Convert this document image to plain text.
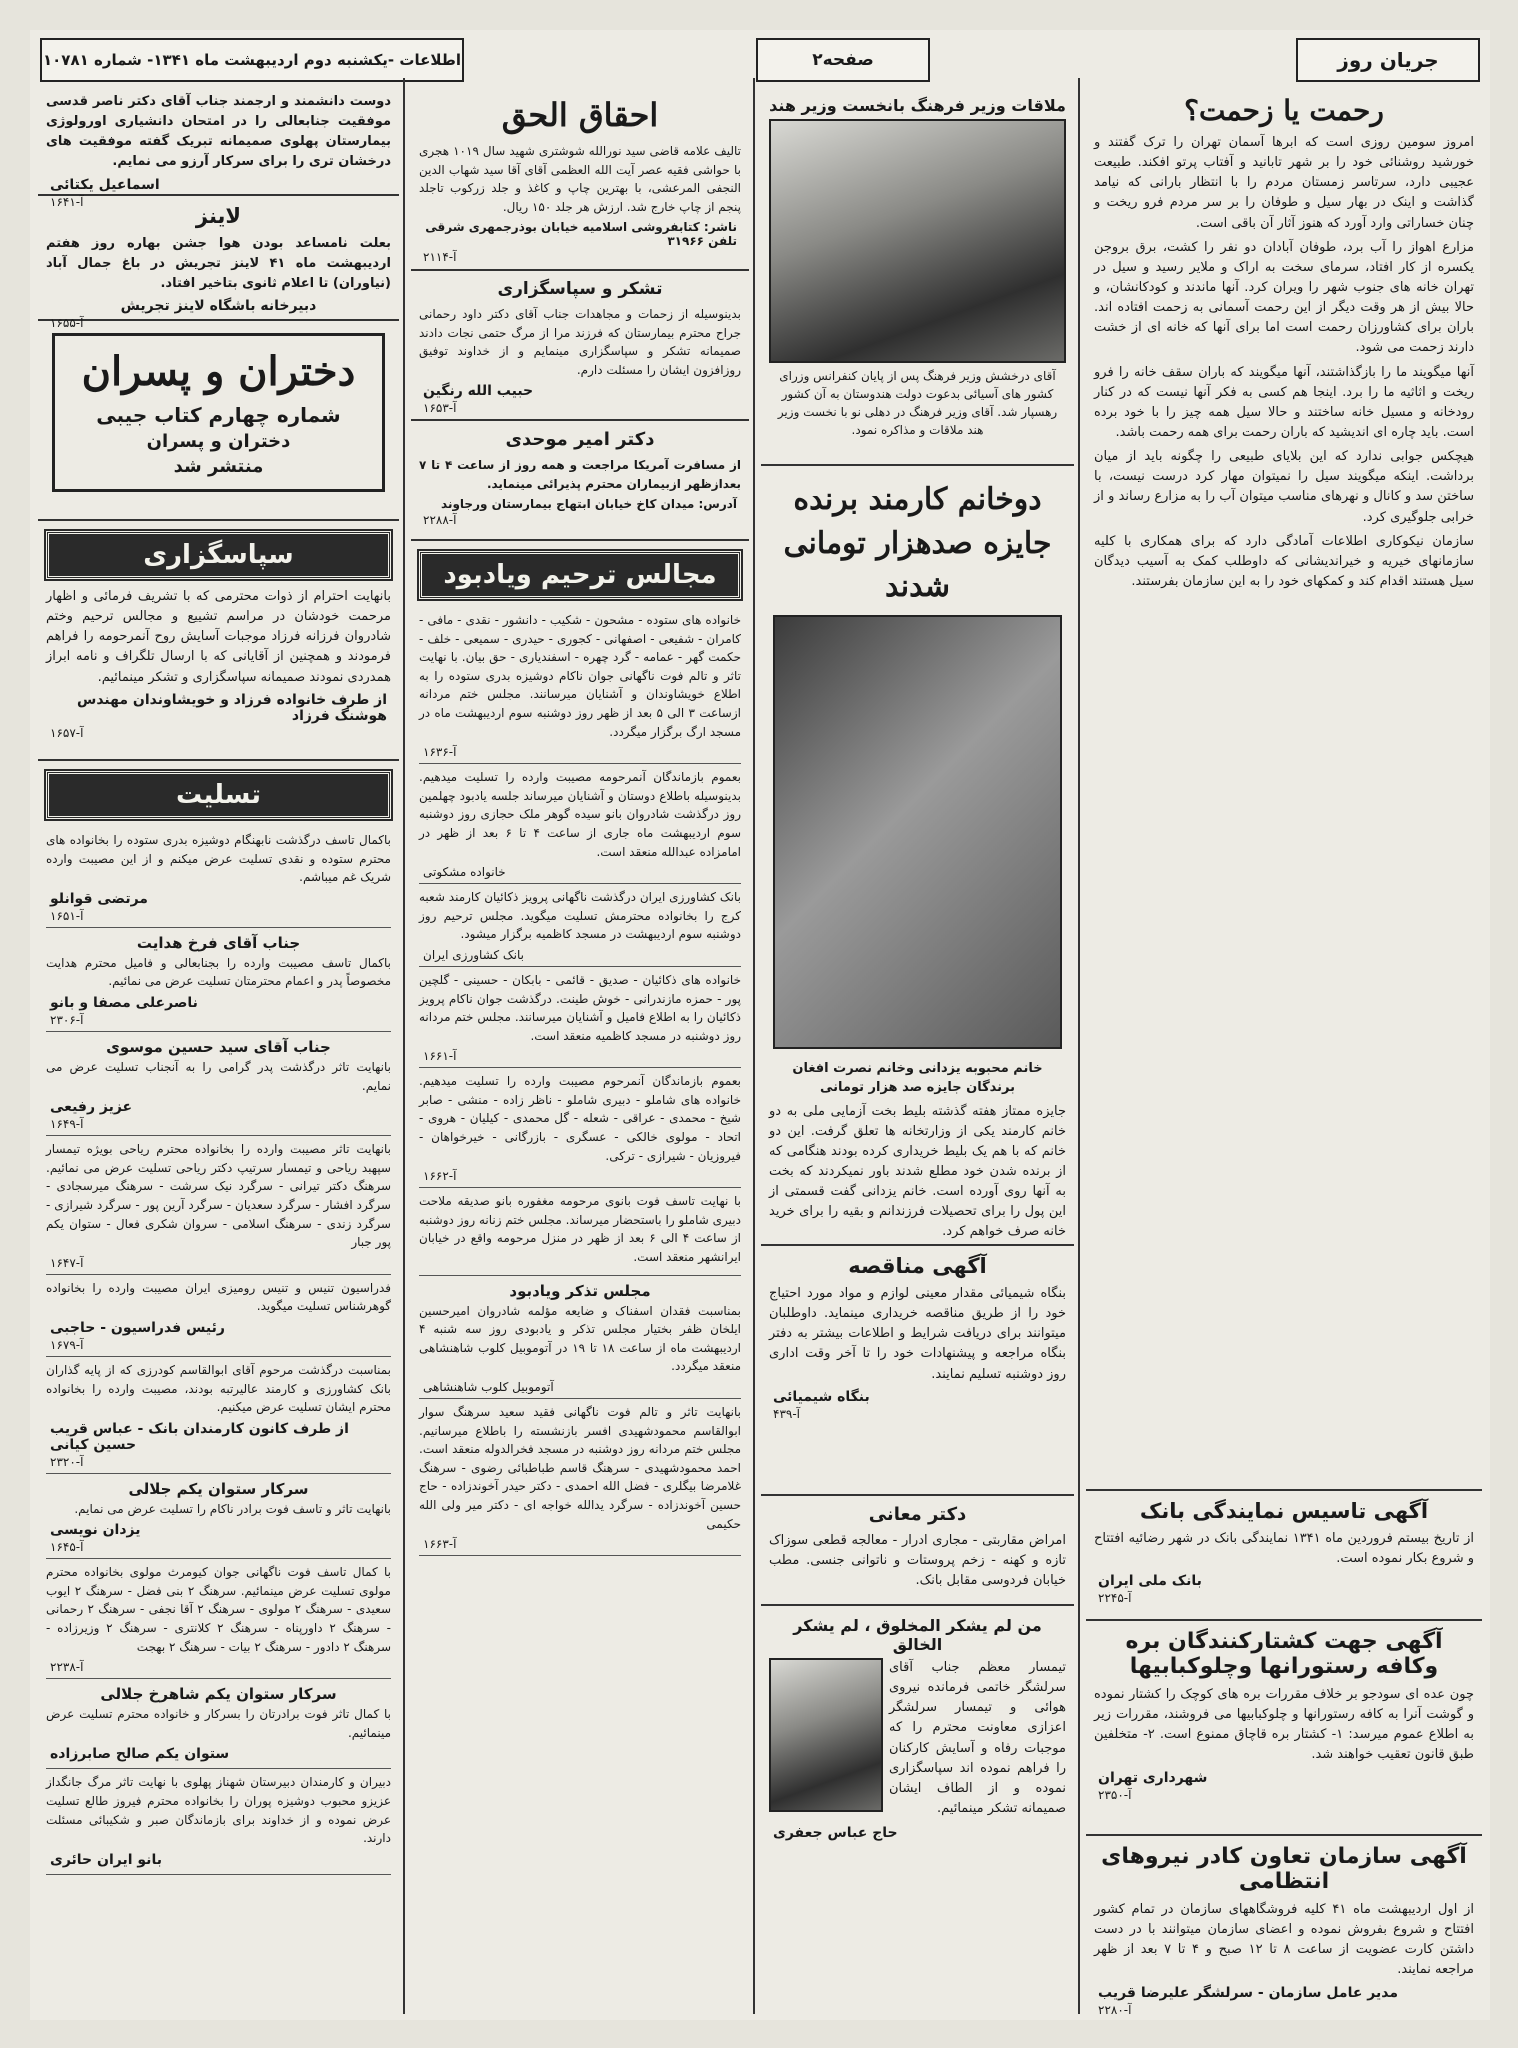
جریان روز
صفحه۲
اطلاعات -یکشنبه دوم اردیبهشت ماه ۱۳۴۱- شماره ۱۰۷۸۱
رحمت یا زحمت؟

امروز سومین روزی است که ابرها آسمان تهران را ترک گفتند و خورشید روشنائی خود را بر شهر تابانید و آفتاب پرتو افکند. طبیعت عجیبی دارد، سرتاسر زمستان مردم را با انتظار بارانی که نیامد گذاشت و اینک در بهار سیل و طوفان را بر سر مردم فرو ریخت و چنان خساراتی وارد آورد که هنوز آثار آن باقی است.

مزارع اهواز را آب برد، طوفان آبادان دو نفر را کشت، برق بروجن یکسره از کار افتاد، سرمای سخت به اراک و ملایر رسید و سیل در تهران خانه های جنوب شهر را ویران کرد. آنها ماندند و کودکانشان، و حالا بیش از هر وقت دیگر از این رحمت آسمانی به زحمت افتاده اند. باران برای کشاورزان رحمت است اما برای آنها که خانه ای از خشت دارند زحمت می شود.

آنها میگویند ما را بازگذاشتند، آنها میگویند که باران سقف خانه را فرو ریخت و اثاثیه ما را برد. اینجا هم کسی به فکر آنها نیست که در کنار رودخانه و مسیل خانه ساختند و حالا سیل همه چیز را با خود برده است. باید چاره ای اندیشید که باران رحمت برای همه رحمت باشد.

هیچکس جوابی ندارد که این بلایای طبیعی را چگونه باید از میان برداشت. اینکه میگویند سیل را نمیتوان مهار کرد درست نیست، با ساختن سد و کانال و نهرهای مناسب میتوان آب را به مزارع رساند و از خرابی جلوگیری کرد.

سازمان نیکوکاری اطلاعات آمادگی دارد که برای همکاری با کلیه سازمانهای خیریه و خیراندیشانی که داوطلب کمک به آسیب دیدگان سیل هستند اقدام کند و کمکهای خود را به این سازمان بفرستند.

آگهی تاسیس نمایندگی بانک

از تاریخ بیستم فروردین ماه ۱۳۴۱ نمایندگی بانک در شهر رضائیه افتتاح و شروع بکار نموده است.

بانک ملی ایران
آ-۲۲۴۵
آگهی جهت کشتارکنندگان بره وکافه رستورانها وچلوکبابیها

چون عده ای سودجو بر خلاف مقررات بره های کوچک را کشتار نموده و گوشت آنرا به کافه رستورانها و چلوکبابیها می فروشند، مقررات زیر به اطلاع عموم میرسد: ۱- کشتار بره قاچاق ممنوع است. ۲- متخلفین طبق قانون تعقیب خواهند شد.

شهرداری تهران
آ-۲۳۵۰
آگهی سازمان تعاون کادر نیروهای انتظامی

از اول اردیبهشت ماه ۴۱ کلیه فروشگاههای سازمان در تمام کشور افتتاح و شروع بفروش نموده و اعضای سازمان میتوانند با در دست داشتن کارت عضویت از ساعت ۸ تا ۱۲ صبح و ۴ تا ۷ بعد از ظهر مراجعه نمایند.

مدیر عامل سازمان - سرلشگر علیرضا قریب
آ-۲۲۸۰
ملاقات وزیر فرهنگ بانخست وزیر هند
آقای درخشش وزیر فرهنگ پس از پایان کنفرانس وزرای کشور های آسیائی بدعوت دولت هندوستان به آن کشور رهسپار شد. آقای وزیر فرهنگ در دهلی نو با نخست وزیر هند ملاقات و مذاکره نمود.
دوخانم کارمند برنده جایزه صدهزار تومانی شدند
خانم محبوبه یزدانی وخانم نصرت افغان برندگان جایزه صد هزار تومانی

جایزه ممتاز هفته گذشته بلیط بخت آزمایی ملی به دو خانم کارمند یکی از وزارتخانه ها تعلق گرفت. این دو خانم که با هم یک بلیط خریداری کرده بودند هنگامی که از برنده شدن خود مطلع شدند باور نمیکردند که بخت به آنها روی آورده است. خانم یزدانی گفت قسمتی از این پول را برای تحصیلات فرزندانم و بقیه را برای خرید خانه صرف خواهم کرد.

آگهی مناقصه

بنگاه شیمیائی مقدار معینی لوازم و مواد مورد احتیاج خود را از طریق مناقصه خریداری مینماید. داوطلبان میتوانند برای دریافت شرایط و اطلاعات بیشتر به دفتر بنگاه مراجعه و پیشنهادات خود را تا آخر وقت اداری روز دوشنبه تسلیم نمایند.

بنگاه شیمیائی
آ-۴۳۹
دکتر معانی

امراض مقاربتی - مجاری ادرار - معالجه قطعی سوزاک تازه و کهنه - زخم پروستات و ناتوانی جنسی. مطب خیابان فردوسی مقابل بانک.

من لم یشکر المخلوق ، لم یشکر الخالق

تیمسار معظم جناب آقای سرلشگر خاتمی فرمانده نیروی هوائی و تیمسار سرلشگر اعزازی معاونت محترم را که موجبات رفاه و آسایش کارکنان را فراهم نموده اند سپاسگزاری نموده و از الطاف ایشان صمیمانه تشکر مینمائیم.

حاج عباس جعفری
احقاق الحق

تالیف علامه قاضی سید نورالله شوشتری شهید سال ۱۰۱۹ هجری با حواشی فقیه عصر آیت الله العظمی آقای آقا سید شهاب الدین النجفی المرعشی، با بهترین چاپ و کاغذ و جلد زرکوب تاجلد پنجم از چاپ خارج شد. ارزش هر جلد ۱۵۰ ریال.

ناشر: کتابفروشی اسلامیه خیابان بوذرجمهری شرقی تلفن ۳۱۹۶۶
آ-۲۱۱۴
تشکر و سپاسگزاری

بدینوسیله از زحمات و مجاهدات جناب آقای دکتر داود رحمانی جراح محترم بیمارستان که فرزند مرا از مرگ حتمی نجات دادند صمیمانه تشکر و سپاسگزاری مینمایم و از خداوند توفیق روزافزون ایشان را مسئلت دارم.

حبیب الله رنگین
آ-۱۶۵۳
دکتر امیر موحدی

از مسافرت آمریکا مراجعت و همه روز از ساعت ۴ تا ۷ بعدازظهر ازبیماران محترم پذیرائی مینماید.

آدرس: میدان کاخ خیابان ابتهاج بیمارستان ورجاوند
آ-۲۲۸۸
مجالس ترحیم ویادبود

خانواده های ستوده - مشحون - شکیب - دانشور - نقدی - مافی - کامران - شفیعی - اصفهانی - کجوری - حیدری - سمیعی - خلف - حکمت گهر - عمامه - گرد چهره - اسفندیاری - حق بیان. با نهایت تاثر و تالم فوت ناگهانی جوان ناکام دوشیزه بدری ستوده را به اطلاع خویشاوندان و آشنایان میرسانند. مجلس ختم مردانه ازساعت ۳ الی ۵ بعد از ظهر روز دوشنبه سوم اردیبهشت ماه در مسجد ارگ برگزار میگردد.

آ-۱۶۳۶

بعموم بازماندگان آنمرحومه مصیبت وارده را تسلیت میدهیم. بدینوسیله باطلاع دوستان و آشنایان میرساند جلسه یادبود چهلمین روز درگذشت شادروان بانو سیده گوهر ملک حجازی روز دوشنبه سوم اردیبهشت ماه جاری از ساعت ۴ تا ۶ بعد از ظهر در امامزاده عبدالله منعقد است.

خانواده مشکوتی

بانک کشاورزی ایران درگذشت ناگهانی پرویز ذکائیان کارمند شعبه کرج را بخانواده محترمش تسلیت میگوید. مجلس ترحیم روز دوشنبه سوم اردیبهشت در مسجد کاظمیه برگزار میشود.

بانک کشاورزی ایران

خانواده های ذکائیان - صدیق - قائمی - بابکان - حسینی - گلچین پور - حمزه مازندرانی - خوش طینت. درگذشت جوان ناکام پرویز ذکائیان را به اطلاع فامیل و آشنایان میرسانند. مجلس ختم مردانه روز دوشنبه در مسجد کاظمیه منعقد است.

آ-۱۶۶۱

بعموم بازماندگان آنمرحوم مصیبت وارده را تسلیت میدهیم. خانواده های شاملو - دبیری شاملو - ناظر زاده - منشی - صابر شیخ - محمدی - عراقی - شعله - گل محمدی - کیلیان - هروی - اتحاد - مولوی خالکی - عسگری - بازرگانی - خیرخواهان - فیروزیان - شیرازی - ترکی.

آ-۱۶۶۲

با نهایت تاسف فوت بانوی مرحومه مغفوره بانو صدیقه ملاحت دبیری شاملو را باستحضار میرساند. مجلس ختم زنانه روز دوشنبه از ساعت ۴ الی ۶ بعد از ظهر در منزل مرحومه واقع در خیابان ایرانشهر منعقد است.

مجلس تذکر ویادبود

بمناسبت فقدان اسفناک و ضایعه مؤلمه شادروان امیرحسین ایلخان ظفر بختیار مجلس تذکر و یادبودی روز سه شنبه ۴ اردیبهشت ماه از ساعت ۱۸ تا ۱۹ در آتوموبیل کلوب شاهنشاهی منعقد میگردد.

آتوموبیل کلوب شاهنشاهی

بانهایت تاثر و تالم فوت ناگهانی فقید سعید سرهنگ سوار ابوالقاسم محمودشهیدی افسر بازنشسته را باطلاع میرسانیم. مجلس ختم مردانه روز دوشنبه در مسجد فخرالدوله منعقد است. احمد محمودشهیدی - سرهنگ قاسم طباطبائی رضوی - سرهنگ غلامرضا بیگلری - فضل الله احمدی - دکتر حیدر آخوندزاده - حاج حسین آخوندزاده - سرگرد یدالله خواجه ای - دکتر میر ولی الله حکیمی

آ-۱۶۶۳

دوست دانشمند و ارجمند جناب آقای دکتر ناصر قدسی موفقیت جنابعالی را در امتحان دانشیاری اورولوژی بیمارستان پهلوی صمیمانه تبریک گفته موفقیت های درخشان تری را برای سرکار آرزو می نمایم.

اسماعیل یکتائی
آ-۱۶۴۱
لاینز

بعلت نامساعد بودن هوا جشن بهاره روز هفتم اردیبهشت ماه ۴۱ لاینز تجریش در باغ جمال آباد (نیاوران) تا اعلام ثانوی بتاخیر افتاد.

دبیرخانه باشگاه لاینز تجریش
آ-۱۶۵۵
دختران و پسران
شماره چهارم کتاب جیبی
دختران و پسران
منتشر شد
سپاسگزاری

بانهایت احترام از ذوات محترمی که با تشریف فرمائی و اظهار مرحمت خودشان در مراسم تشییع و مجالس ترحیم وختم شادروان فرزانه فرزاد موجبات آسایش روح آنمرحومه را فراهم فرمودند و همچنین از آقایانی که با ارسال تلگراف و نامه ابراز همدردی نمودند صمیمانه سپاسگزاری و تشکر مینمائیم.

از طرف خانواده فرزاد و خویشاوندان مهندس هوشنگ فرزاد
آ-۱۶۵۷
تسلیت

باکمال تاسف درگذشت نابهنگام دوشیزه بدری ستوده را بخانواده های محترم ستوده و نقدی تسلیت عرض میکنم و از این مصیبت وارده شریک غم میباشم.

مرتضی قوانلو
آ-۱۶۵۱
جناب آقای فرخ هدایت

باکمال تاسف مصیبت وارده را بجنابعالی و فامیل محترم هدایت مخصوصاً پدر و اعمام محترمتان تسلیت عرض می نمائیم.

ناصرعلی مصفا و بانو
آ-۲۳۰۶
جناب آقای سید حسین موسوی

بانهایت تاثر درگذشت پدر گرامی را به آنجناب تسلیت عرض می نمایم.

عزیز رفیعی
آ-۱۶۴۹

بانهایت تاثر مصیبت وارده را بخانواده محترم ریاحی بویژه تیمسار سپهبد ریاحی و تیمسار سرتیپ دکتر ریاحی تسلیت عرض می نمائیم. سرهنگ دکتر تیرانی - سرگرد نیک سرشت - سرهنگ میرسجادی - سرگرد افشار - سرگرد سعدیان - سرگرد آرین پور - سرگرد شیرازی - سرگرد زندی - سرهنگ اسلامی - سروان شکری فعال - ستوان یکم پور جبار

آ-۱۶۴۷

فدراسیون تنیس و تنیس رومیزی ایران مصیبت وارده را بخانواده گوهرشناس تسلیت میگوید.

رئیس فدراسیون - حاجبی
آ-۱۶۷۹

بمناسبت درگذشت مرحوم آقای ابوالقاسم کودرزی که از پایه گذاران بانک کشاورزی و کارمند عالیرتبه بودند، مصیبت وارده را بخانواده محترم ایشان تسلیت عرض میکنیم.

از طرف کانون کارمندان بانک - عباس قریب حسین کیانی
آ-۲۳۲۰
سرکار ستوان یکم جلالی

بانهایت تاثر و تاسف فوت برادر ناکام را تسلیت عرض می نمایم.

یزدان نویسی
آ-۱۶۴۵

با کمال تاسف فوت ناگهانی جوان کیومرث مولوی بخانواده محترم مولوی تسلیت عرض مینمائیم. سرهنگ ۲ بنی فضل - سرهنگ ۲ ایوب سعیدی - سرهنگ ۲ مولوی - سرهنگ ۲ آقا نجفی - سرهنگ ۲ رحمانی - سرهنگ ۲ داورپناه - سرهنگ ۲ کلانتری - سرهنگ ۲ وزیرزاده - سرهنگ ۲ دادور - سرهنگ ۲ بیات - سرهنگ ۲ بهجت

آ-۲۲۳۸
سرکار ستوان یکم شاهرخ جلالی

با کمال تاثر فوت برادرتان را بسرکار و خانواده محترم تسلیت عرض مینمائیم.

ستوان یکم صالح صابرزاده

دبیران و کارمندان دبیرستان شهناز پهلوی با نهایت تاثر مرگ جانگداز عزیزو محبوب دوشیزه پوران را بخانواده محترم فیروز طالع تسلیت عرض نموده و از خداوند برای بازماندگان صبر و شکیبائی مسئلت دارند.

بانو ایران حائری
